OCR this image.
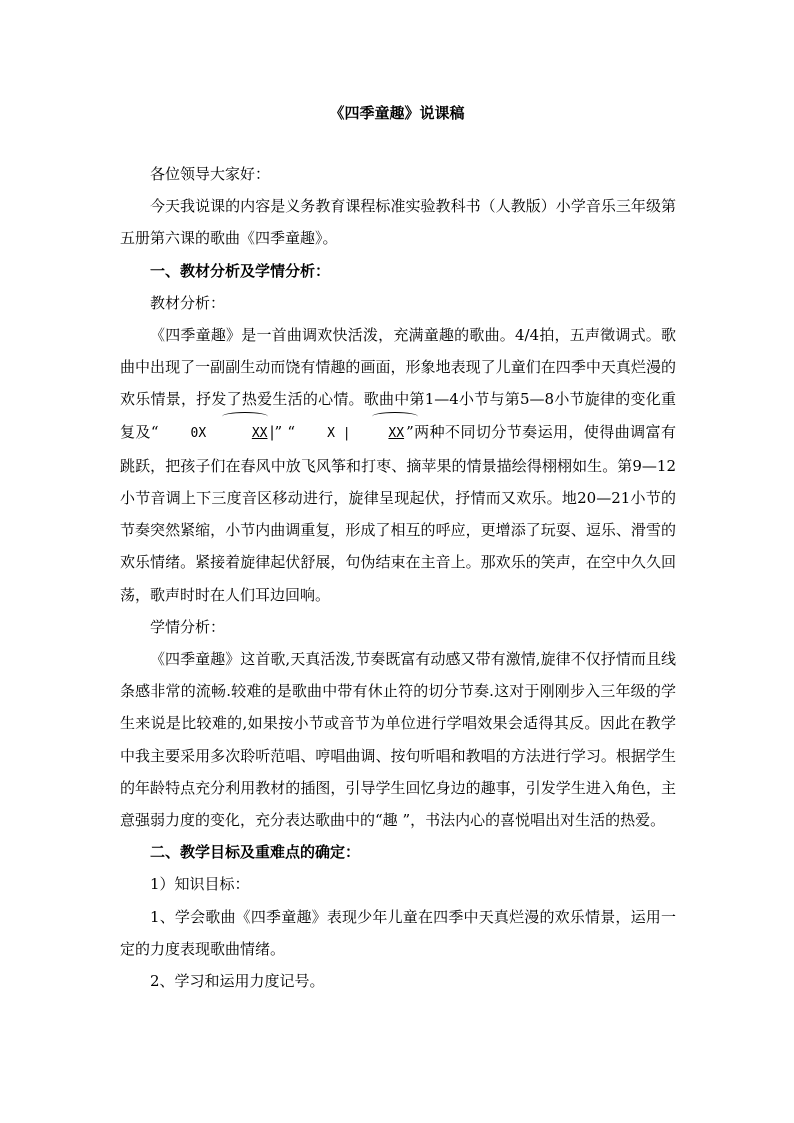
《四季童趣》说课稿

各位领导大家好：

今天我说课的内容是义务教育课程标准实验教科书（人教版）小学音乐三年级第五册第六课的歌曲《四季童趣》。

一、教材分析及学情分析：

教材分析：

《四季童趣》是一首曲调欢快活泼，充满童趣的歌曲。4/4拍，五声徵调式。歌曲中出现了一副副生动而饶有情趣的画面，形象地表现了儿童们在四季中天真烂漫的欢乐情景，抒发了热爱生活的心情。歌曲中第1—4小节与第5—8小节旋律的变化重复及“ 0X	XX |” “ X | XX ”两种不同切分节奏运用，使得曲调富有跳跃，把孩子们在春风中放飞风筝和打枣、摘苹果的情景描绘得栩栩如生。第9—12小节音调上下三度音区移动进行，旋律呈现起伏，抒情而又欢乐。地20—21小节的节奏突然紧缩，小节内曲调重复，形成了相互的呼应，更增添了玩耍、逗乐、滑雪的欢乐情绪。紧接着旋律起伏舒展，句伪结束在主音上。那欢乐的笑声，在空中久久回荡，歌声时时在人们耳边回响。

学情分析：

《四季童趣》这首歌,天真活泼,节奏既富有动感又带有激情,旋律不仅抒情而且线条感非常的流畅.较难的是歌曲中带有休止符的切分节奏.这对于刚刚步入三年级的学生来说是比较难的,如果按小节或音节为单位进行学唱效果会适得其反。因此在教学中我主要采用多次聆听范唱、哼唱曲调、按句听唱和教唱的方法进行学习。根据学生的年龄特点充分利用教材的插图，引导学生回忆身边的趣事，引发学生进入角色，主意强弱力度的变化，充分表达歌曲中的“趣 ”，书法内心的喜悦唱出对生活的热爱。

二、教学目标及重难点的确定：

1）知识目标：

1、学会歌曲《四季童趣》表现少年儿童在四季中天真烂漫的欢乐情景，运用一定的力度表现歌曲情绪。

2、学习和运用力度记号。
